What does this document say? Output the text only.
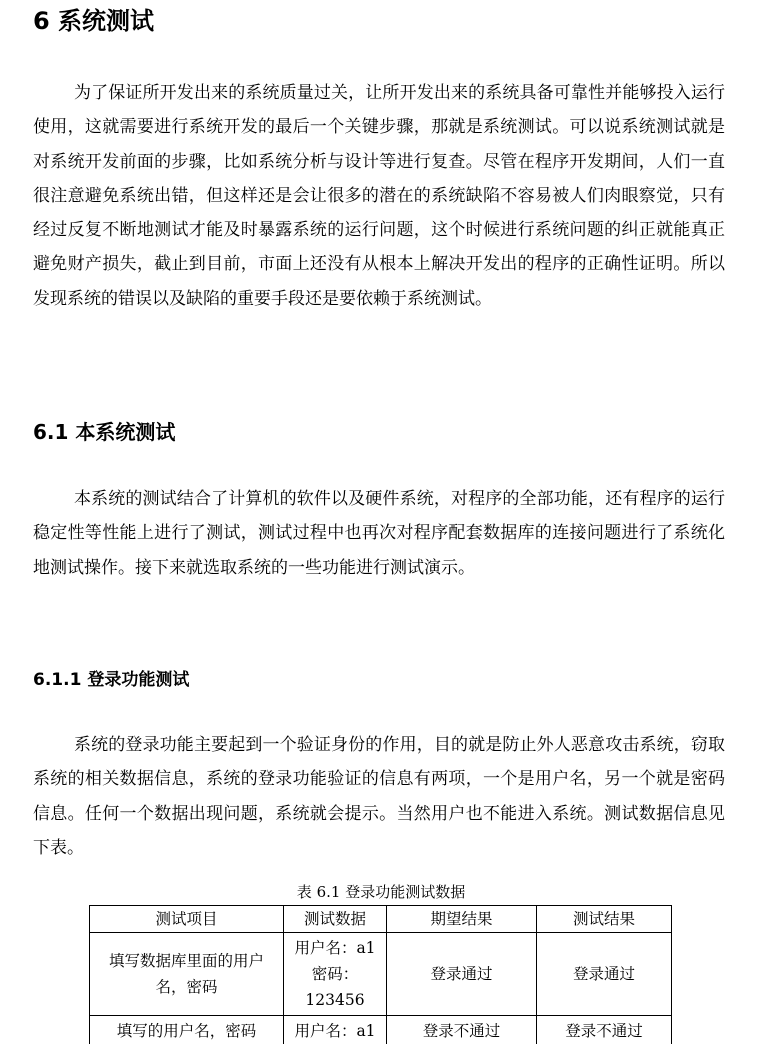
6 系统测试

为了保证所开发出来的系统质量过关，让所开发出来的系统具备可靠性并能够投入运行使用，这就需要进行系统开发的最后一个关键步骤，那就是系统测试。可以说系统测试就是对系统开发前面的步骤，比如系统分析与设计等进行复查。尽管在程序开发期间，人们一直很注意避免系统出错，但这样还是会让很多的潜在的系统缺陷不容易被人们肉眼察觉，只有经过反复不断地测试才能及时暴露系统的运行问题，这个时候进行系统问题的纠正就能真正避免财产损失，截止到目前，市面上还没有从根本上解决开发出的程序的正确性证明。所以发现系统的错误以及缺陷的重要手段还是要依赖于系统测试。

6.1 本系统测试

本系统的测试结合了计算机的软件以及硬件系统，对程序的全部功能，还有程序的运行稳定性等性能上进行了测试，测试过程中也再次对程序配套数据库的连接问题进行了系统化地测试操作。接下来就选取系统的一些功能进行测试演示。

6.1.1 登录功能测试

系统的登录功能主要起到一个验证身份的作用，目的就是防止外人恶意攻击系统，窃取系统的相关数据信息，系统的登录功能验证的信息有两项，一个是用户名，另一个就是密码信息。任何一个数据出现问题，系统就会提示。当然用户也不能进入系统。测试数据信息见下表。

表 6.1 登录功能测试数据
测试项目	测试数据	期望结果	测试结果

填写数据库里面的用户名，密码	用户名：a1
密码：
123456	登录通过	登录通过

填写的用户名，密码	用户名：a1	登录不通过	登录不通过
